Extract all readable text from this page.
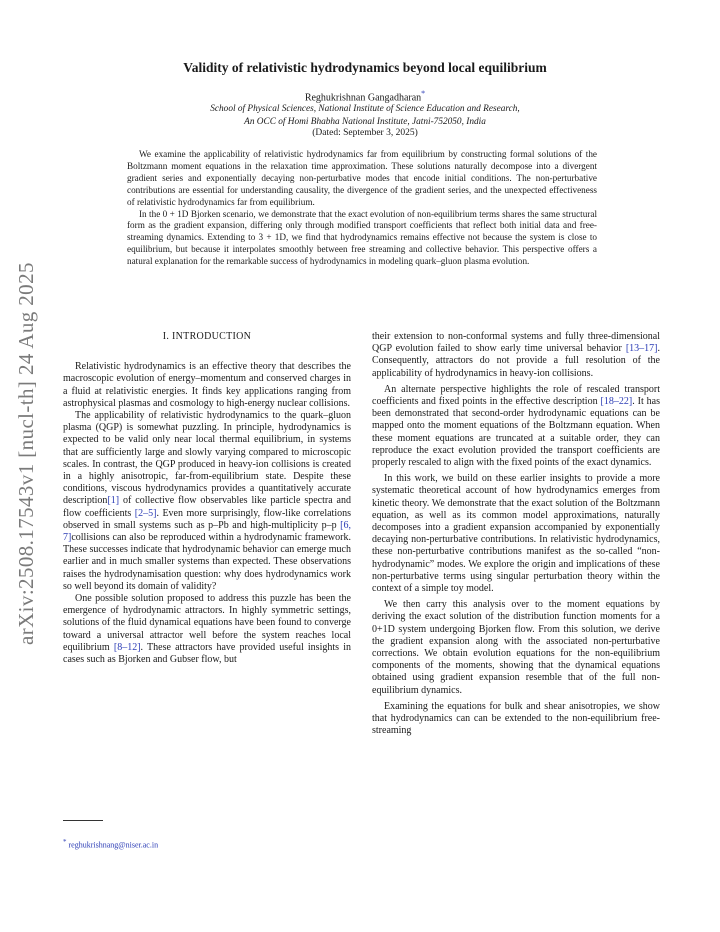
arXiv:2508.17543v1 [nucl-th] 24 Aug 2025
Validity of relativistic hydrodynamics beyond local equilibrium
Reghukrishnan Gangadharan*
School of Physical Sciences, National Institute of Science Education and Research,
An OCC of Homi Bhabha National Institute, Jatni-752050, India
(Dated: September 3, 2025)

We examine the applicability of relativistic hydrodynamics far from equilibrium by constructing formal solutions of the Boltzmann moment equations in the relaxation time approximation. These solutions naturally decompose into a divergent gradient series and exponentially decaying non-perturbative modes that encode initial conditions. The non-perturbative contributions are essential for understanding causality, the divergence of the gradient series, and the unexpected effectiveness of relativistic hydrodynamics far from equilibrium.

In the 0 + 1D Bjorken scenario, we demonstrate that the exact evolution of non-equilibrium terms shares the same structural form as the gradient expansion, differing only through modified transport coefficients that reflect both initial data and free-streaming dynamics. Extending to 3 + 1D, we find that hydrodynamics remains effective not because the system is close to equilibrium, but because it interpolates smoothly between free streaming and collective behavior. This perspective offers a natural explanation for the remarkable success of hydrodynamics in modeling quark–gluon plasma evolution.

I. INTRODUCTION

Relativistic hydrodynamics is an effective theory that describes the macroscopic evolution of energy–momentum and conserved charges in a fluid at relativistic energies. It finds key applications ranging from astrophysical plasmas and cosmology to high-energy nuclear collisions.

The applicability of relativistic hydrodynamics to the quark–gluon plasma (QGP) is somewhat puzzling. In principle, hydrodynamics is expected to be valid only near local thermal equilibrium, in systems that are sufficiently large and slowly varying compared to microscopic scales. In contrast, the QGP produced in heavy-ion collisions is created in a highly anisotropic, far-from-equilibrium state. Despite these conditions, viscous hydrodynamics provides a quantitatively accurate description[1] of collective flow observables like particle spectra and flow coefficients [2–5]. Even more surprisingly, flow-like correlations observed in small systems such as p–Pb and high-multiplicity p–p [6, 7]collisions can also be reproduced within a hydrodynamic framework. These successes indicate that hydrodynamic behavior can emerge much earlier and in much smaller systems than expected. These observations raises the hydrodynamisation question: why does hydrodynamics work so well beyond its domain of validity?

One possible solution proposed to address this puzzle has been the emergence of hydrodynamic attractors. In highly symmetric settings, solutions of the fluid dynamical equations have been found to converge toward a universal attractor well before the system reaches local equilibrium [8–12]. These attractors have provided useful insights in cases such as Bjorken and Gubser flow, but

their extension to non-conformal systems and fully three-dimensional QGP evolution failed to show early time universal behavior [13–17]. Consequently, attractors do not provide a full resolution of the applicability of hydrodynamics in heavy-ion collisions.

An alternate perspective highlights the role of rescaled transport coefficients and fixed points in the effective description [18–22]. It has been demonstrated that second-order hydrodynamic equations can be mapped onto the moment equations of the Boltzmann equation. When these moment equations are truncated at a suitable order, they can reproduce the exact evolution provided the transport coefficients are properly rescaled to align with the fixed points of the exact dynamics.

In this work, we build on these earlier insights to provide a more systematic theoretical account of how hydrodynamics emerges from kinetic theory. We demonstrate that the exact solution of the Boltzmann equation, as well as its common model approximations, naturally decomposes into a gradient expansion accompanied by exponentially decaying non-perturbative contributions. In relativistic hydrodynamics, these non-perturbative contributions manifest as the so-called “non-hydrodynamic” modes. We explore the origin and implications of these non-perturbative terms using singular perturbation theory within the context of a simple toy model.

We then carry this analysis over to the moment equations by deriving the exact solution of the distribution function moments for a 0+1D system undergoing Bjorken flow. From this solution, we derive the gradient expansion along with the associated non-perturbative corrections. We obtain evolution equations for the non-equilibrium components of the moments, showing that the dynamical equations obtained using gradient expansion resemble that of the full non-equilibrium dynamics.

Examining the equations for bulk and shear anisotropies, we show that hydrodynamics can can be extended to the non-equilibrium free-streaming

* reghukrishnang@niser.ac.in
